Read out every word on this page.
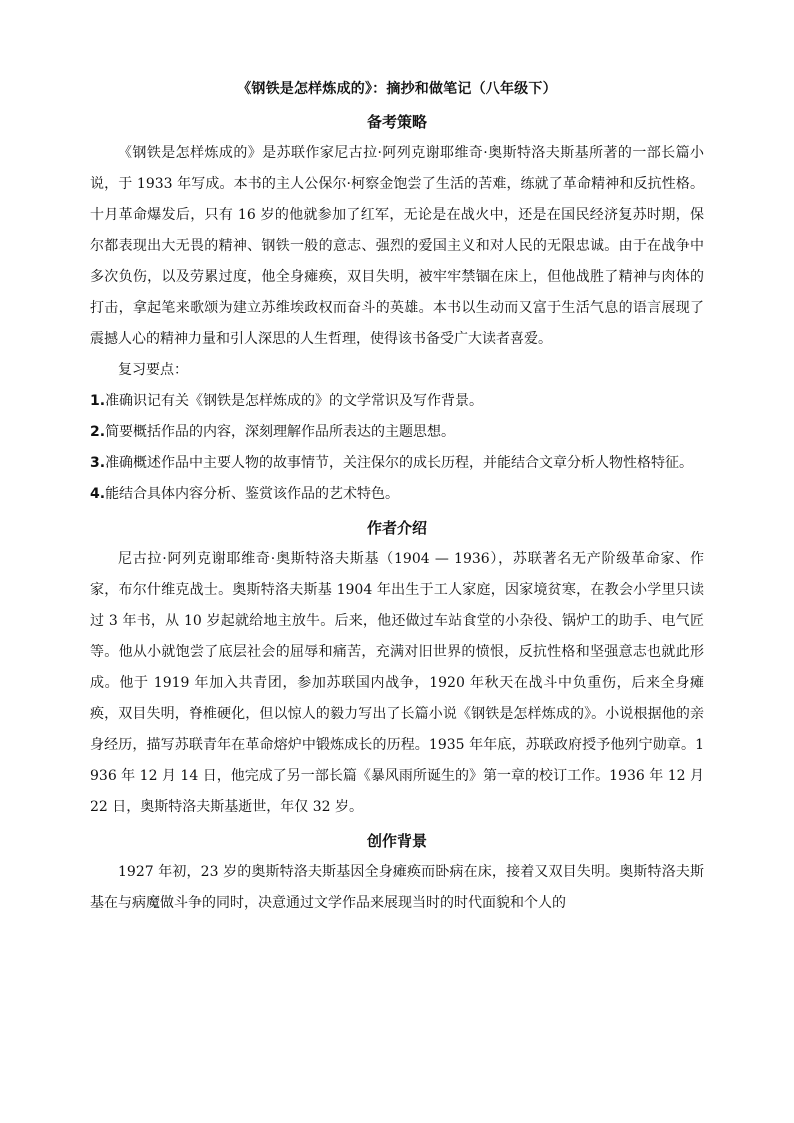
《钢铁是怎样炼成的》：摘抄和做笔记（八年级下）
备考策略

《钢铁是怎样炼成的》是苏联作家尼古拉·阿列克谢耶维奇·奥斯特洛夫斯基所著的一部长篇小说，于 1933 年写成。本书的主人公保尔·柯察金饱尝了生活的苦难，练就了革命精神和反抗性格。十月革命爆发后，只有 16 岁的他就参加了红军，无论是在战火中，还是在国民经济复苏时期，保尔都表现出大无畏的精神、钢铁一般的意志、强烈的爱国主义和对人民的无限忠诚。由于在战争中多次负伤，以及劳累过度，他全身瘫痪，双目失明，被牢牢禁锢在床上，但他战胜了精神与肉体的打击，拿起笔来歌颂为建立苏维埃政权而奋斗的英雄。本书以生动而又富于生活气息的语言展现了震撼人心的精神力量和引人深思的人生哲理，使得该书备受广大读者喜爱。

复习要点：

1.准确识记有关《钢铁是怎样炼成的》的文学常识及写作背景。
2.简要概括作品的内容，深刻理解作品所表达的主题思想。
3.准确概述作品中主要人物的故事情节，关注保尔的成长历程，并能结合文章分析人物性格特征。
4.能结合具体内容分析、鉴赏该作品的艺术特色。
作者介绍

尼古拉·阿列克谢耶维奇·奥斯特洛夫斯基（1904 — 1936），苏联著名无产阶级革命家、作家，布尔什维克战士。奥斯特洛夫斯基 1904 年出生于工人家庭，因家境贫寒，在教会小学里只读过 3 年书，从 10 岁起就给地主放牛。后来，他还做过车站食堂的小杂役、锅炉工的助手、电气匠等。他从小就饱尝了底层社会的屈辱和痛苦，充满对旧世界的愤恨，反抗性格和坚强意志也就此形成。他于 1919 年加入共青团，参加苏联国内战争，1920 年秋天在战斗中负重伤，后来全身瘫痪，双目失明，脊椎硬化，但以惊人的毅力写出了长篇小说《钢铁是怎样炼成的》。小说根据他的亲身经历，描写苏联青年在革命熔炉中锻炼成长的历程。1935 年年底，苏联政府授予他列宁勋章。1936 年 12 月 14 日，他完成了另一部长篇《暴风雨所诞生的》第一章的校订工作。1936 年 12 月 22 日，奥斯特洛夫斯基逝世，年仅 32 岁。

创作背景

1927 年初，23 岁的奥斯特洛夫斯基因全身瘫痪而卧病在床，接着又双目失明。奥斯特洛夫斯基在与病魔做斗争的同时，决意通过文学作品来展现当时的时代面貌和个人的
